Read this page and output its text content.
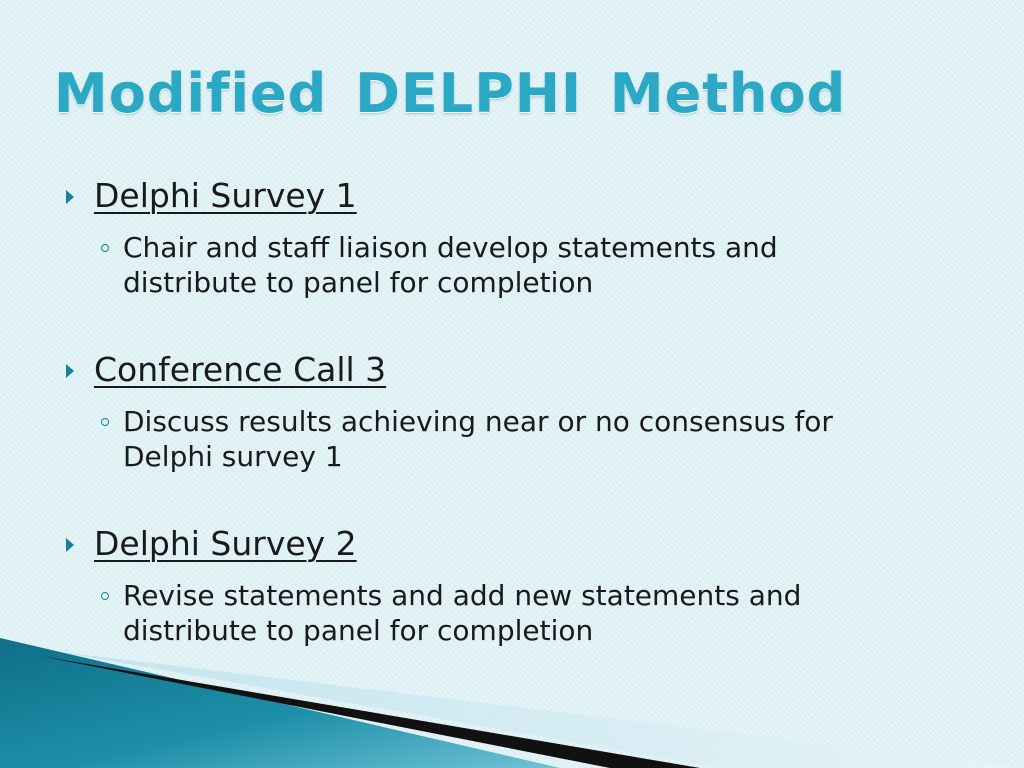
Modified DELPHI Method
Delphi Survey 1
Chair and staff liaison develop statements and distribute to panel for completion
Conference Call 3
Discuss results achieving near or no consensus for Delphi survey 1
Delphi Survey 2
Revise statements and add new statements and distribute to panel for completion
